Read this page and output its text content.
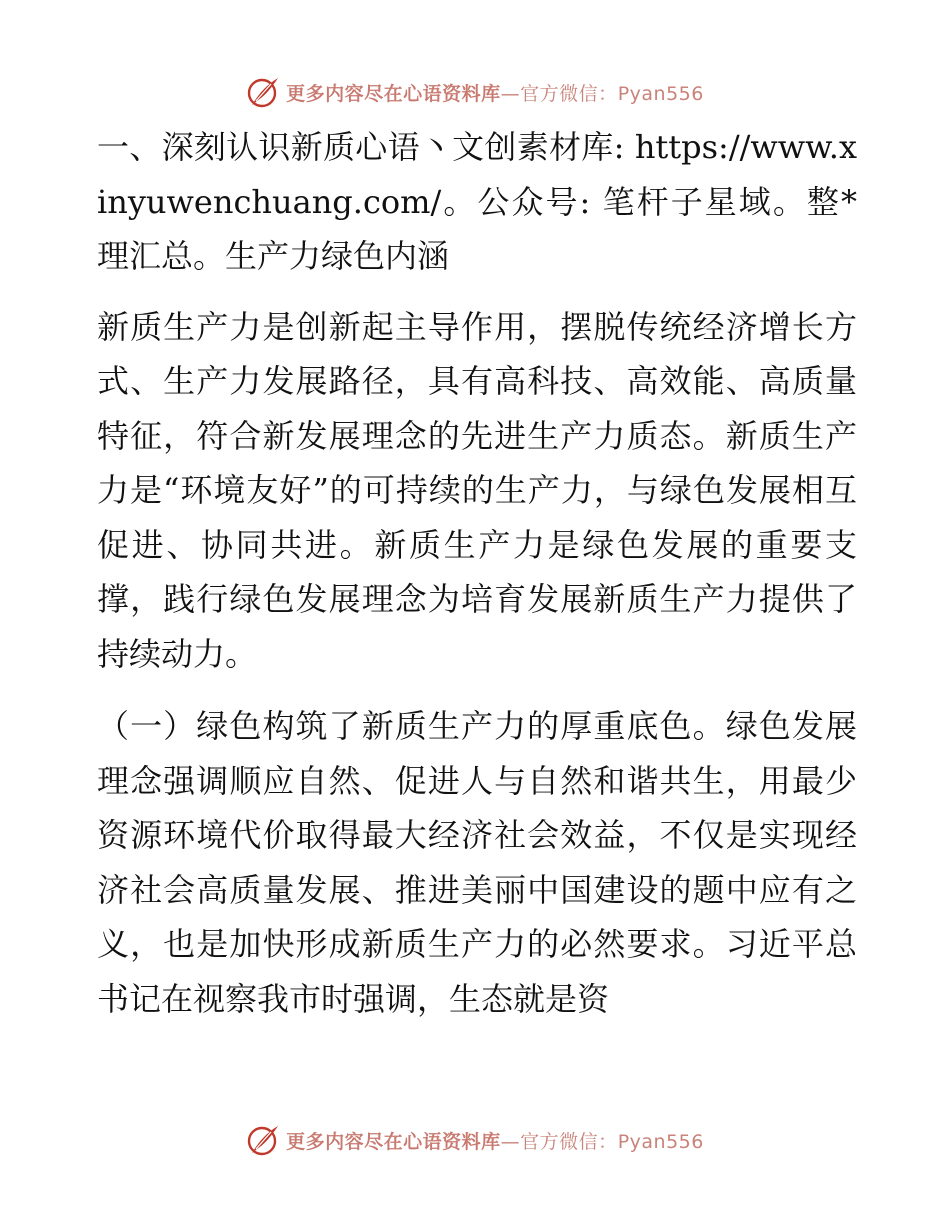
更多内容尽在心语资料库—官方微信：Pyan556

一、深刻认识新质心语丶文创素材库: https://www.xinyuwenchuang.com/。公众号: 笔杆子星域。整*理汇总。生产力绿色内涵

新质生产力是创新起主导作用，摆脱传统经济增长方式、生产力发展路径，具有高科技、高效能、高质量特征，符合新发展理念的先进生产力质态。新质生产力是“环境友好”的可持续的生产力，与绿色发展相互促进、协同共进。新质生产力是绿色发展的重要支撑，践行绿色发展理念为培育发展新质生产力提供了持续动力。

（一）绿色构筑了新质生产力的厚重底色。绿色发展理念强调顺应自然、促进人与自然和谐共生，用最少资源环境代价取得最大经济社会效益，不仅是实现经济社会高质量发展、推进美丽中国建设的题中应有之义，也是加快形成新质生产力的必然要求。习近平总书记在视察我市时强调，生态就是资

更多内容尽在心语资料库—官方微信：Pyan556
